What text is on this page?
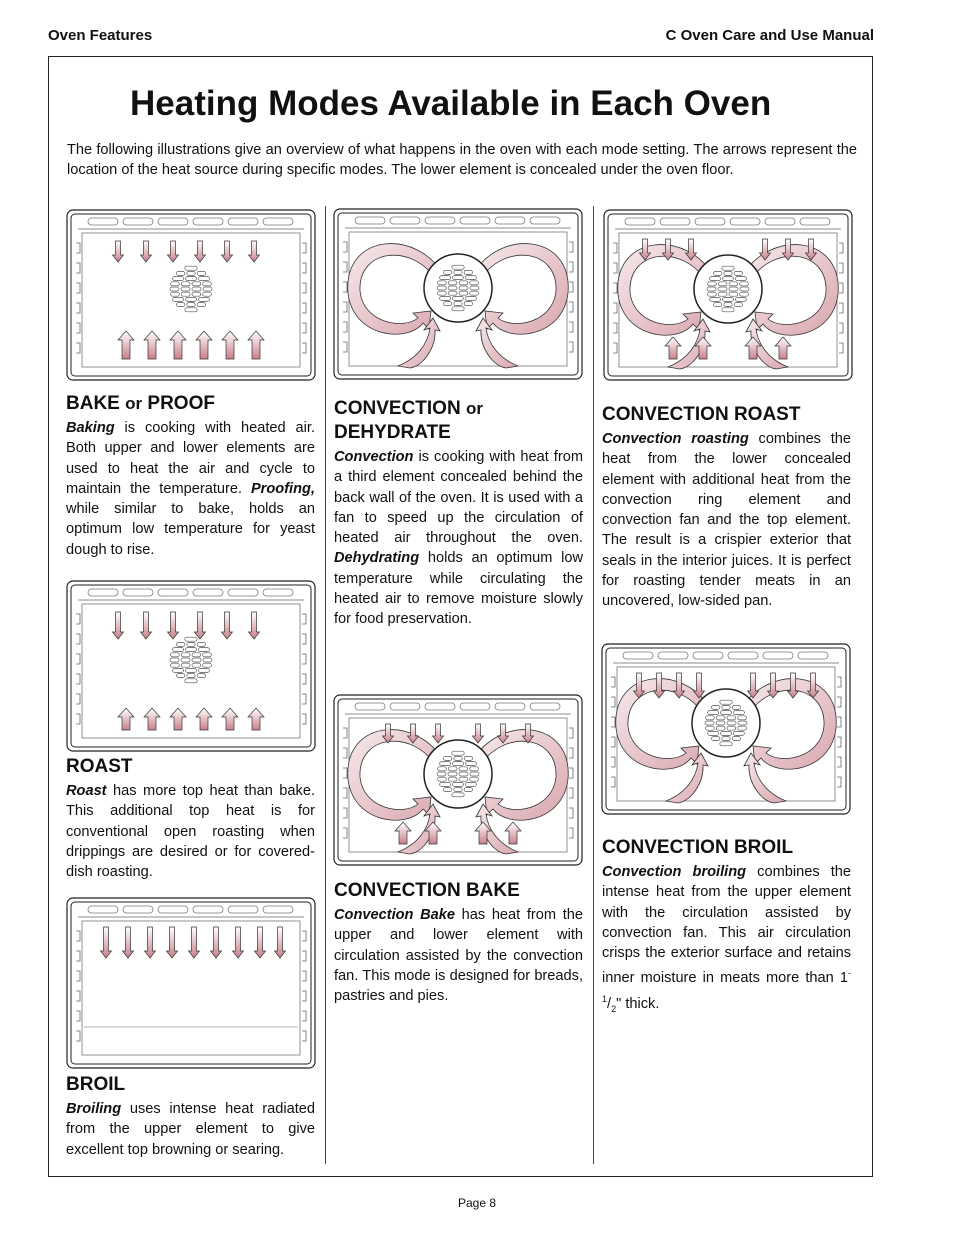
Oven Features	C Oven Care and Use Manual
Heating Modes Available in Each Oven
The following illustrations give an overview of what happens in the oven with each mode setting. The arrows represent the location of the heat source during specific modes. The lower element is concealed under the oven floor.
BAKE or PROOF

Baking is cooking with heated air. Both upper and lower elements are used to heat the air and cycle to maintain the temperature. Proofing, while similar to bake, holds an optimum low temperature for yeast dough to rise.

ROAST

Roast has more top heat than bake. This additional top heat is for conventional open roasting when drippings are desired or for covered-dish roasting.

BROIL

Broiling uses intense heat radiated from the upper element to give excellent top browning or searing.

CONVECTION or
DEHYDRATE

Convection is cooking with heat from a third element concealed behind the back wall of the oven. It is used with a fan to speed up the circulation of heated air throughout the oven. Dehydrating holds an optimum low temperature while circulating the heated air to remove moisture slowly for food preservation.

CONVECTION BAKE

Convection Bake has heat from the upper and lower element with circulation assisted by the convection fan. This mode is designed for breads, pastries and pies.

CONVECTION ROAST

Convection roasting combines the heat from the lower concealed element with additional heat from the convection ring element and convection fan and the top element. The result is a crispier exterior that seals in the interior juices. It is perfect for roasting tender meats in an uncovered, low-sided pan.

CONVECTION BROIL

Convection broiling combines the intense heat from the upper element with the circulation assisted by convection fan. This air circulation crisps the exterior surface and retains inner moisture in meats more than $1^{-1}/_2$" thick.

Page 8
